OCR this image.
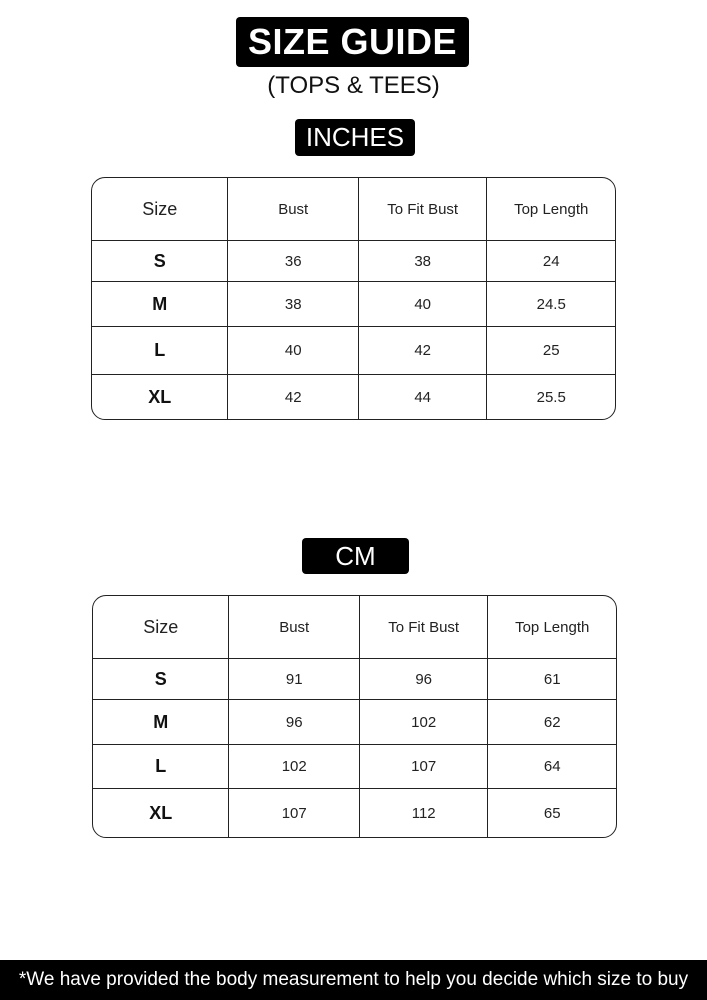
SIZE GUIDE
(TOPS & TEES)
INCHES
Size	Bust	To Fit Bust	Top Length
S	36	38	24
M	38	40	24.5
L	40	42	25
XL	42	44	25.5
CM
Size	Bust	To Fit Bust	Top Length
S	91	96	61
M	96	102	62
L	102	107	64
XL	107	112	65
*We have provided the body measurement to help you decide which size to buy
